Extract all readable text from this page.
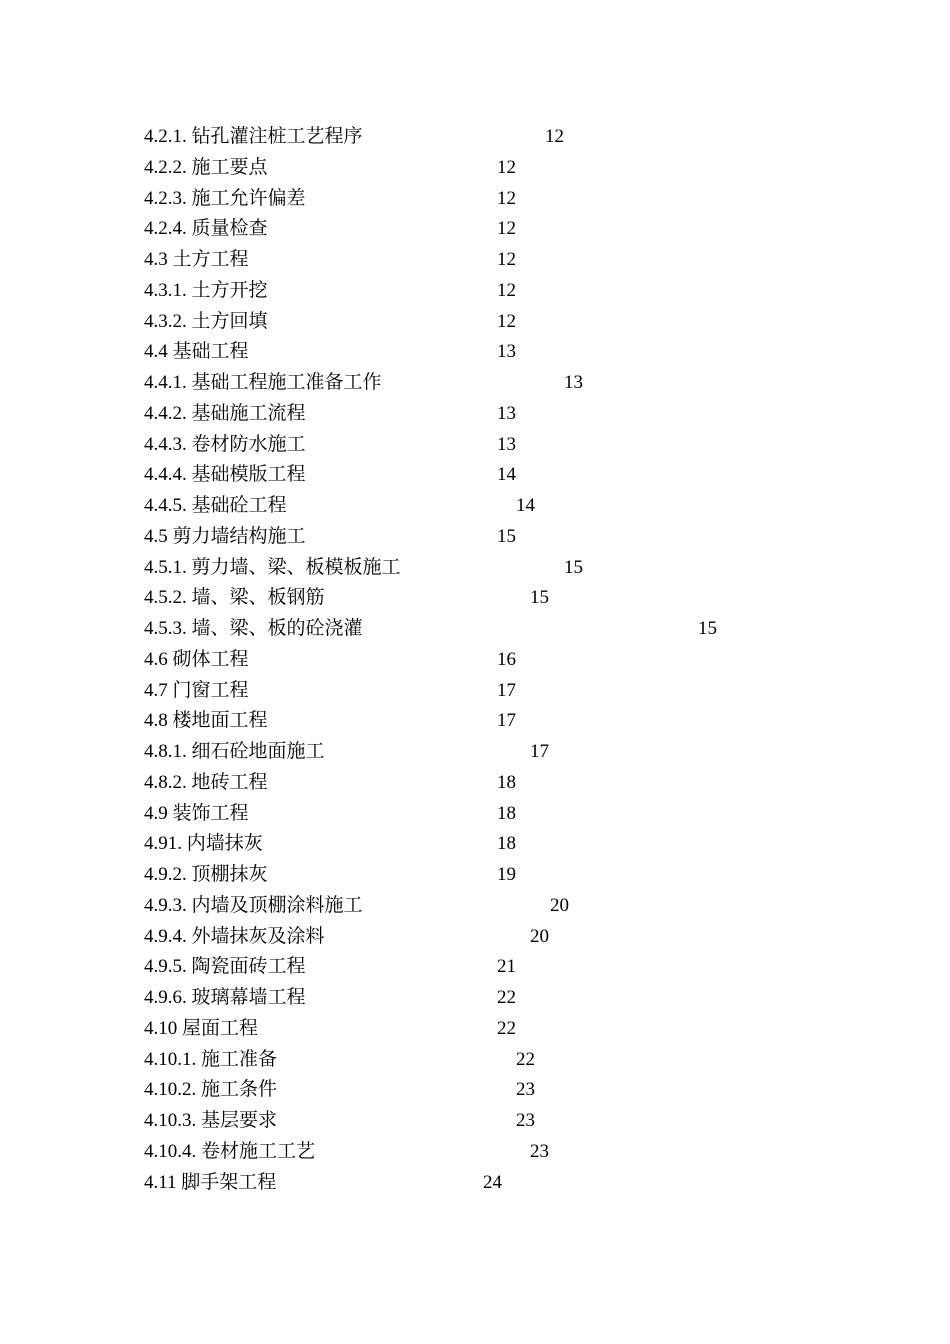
4.2.1. 钻孔灌注桩工艺程序	12
4.2.2. 施工要点	12
4.2.3. 施工允许偏差	12
4.2.4. 质量检查	12
4.3 土方工程	12
4.3.1. 土方开挖	12
4.3.2. 土方回填	12
4.4 基础工程	13
4.4.1. 基础工程施工准备工作	13
4.4.2. 基础施工流程	13
4.4.3. 卷材防水施工	13
4.4.4. 基础模版工程	14
4.4.5. 基础砼工程	14
4.5 剪力墙结构施工	15
4.5.1. 剪力墙、梁、板模板施工	15
4.5.2. 墙、梁、板钢筋	15
4.5.3. 墙、梁、板的砼浇灌	15
4.6 砌体工程	16
4.7 门窗工程	17
4.8 楼地面工程	17
4.8.1. 细石砼地面施工	17
4.8.2. 地砖工程	18
4.9 装饰工程	18
4.91. 内墙抹灰	18
4.9.2. 顶棚抹灰	19
4.9.3. 内墙及顶棚涂料施工	20
4.9.4. 外墙抹灰及涂料	20
4.9.5. 陶瓷面砖工程	21
4.9.6. 玻璃幕墙工程	22
4.10 屋面工程	22
4.10.1. 施工准备	22
4.10.2. 施工条件	23
4.10.3. 基层要求	23
4.10.4. 卷材施工工艺	23
4.11 脚手架工程	24
